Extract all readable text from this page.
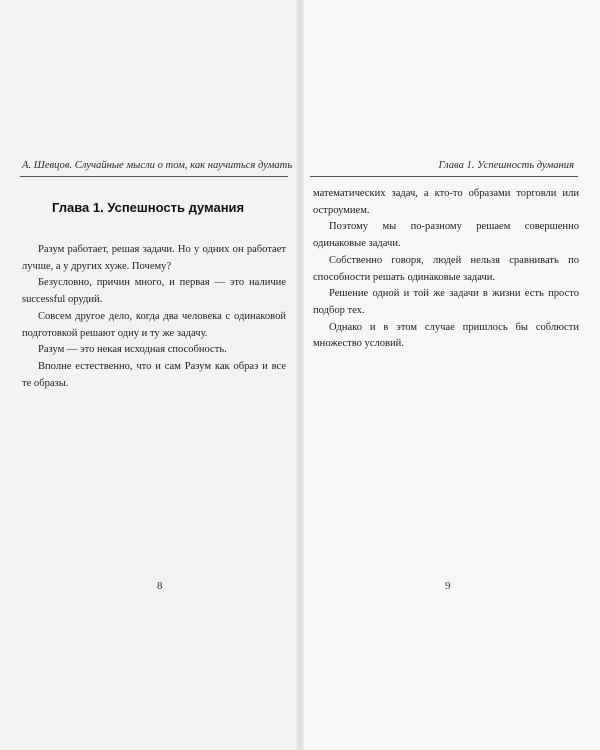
А. Шевцов. Случайные мысли о том, как научиться думать	Глава 1. Успешность думания
Глава 1. Успешность думания

Разум работает, решая задачи. Но у одних он работает лучше, а у других хуже. Почему?

Безусловно, причин много, и первая — это наличие successful орудий.

Совсем другое дело, когда два человека с одинаковой подготовкой решают одну и ту же задачу.

Разум — это некая исходная способность.

Вполне естественно, что и сам Разум как образ и все те образы.

математических задач, а кто-то образами торговли или остроумием.

Поэтому мы по-разному решаем совершенно одинаковые задачи.

Собственно говоря, людей нельзя сравнивать по способности решать одинаковые задачи.

Решение одной и той же задачи в жизни есть просто подбор тех.

Однако и в этом случае пришлось бы соблюсти множество условий.

8	9
